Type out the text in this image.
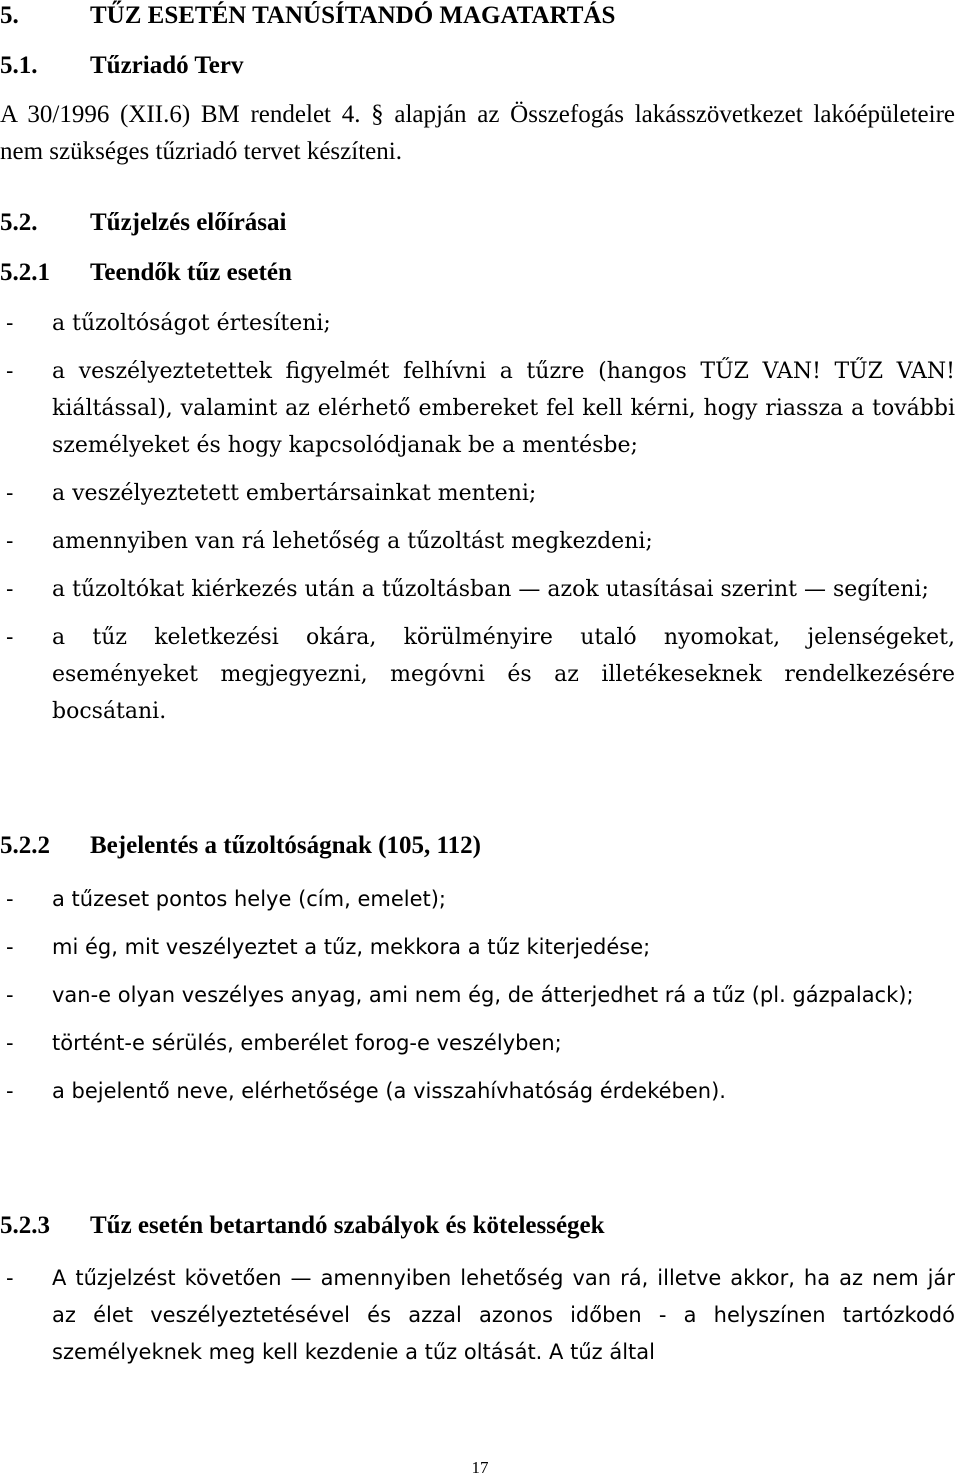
5.	TŰZ ESETÉN TANÚSÍTANDÓ MAGATARTÁS
5.1.	Tűzriadó Terv

A 30/1996 (XII.6) BM rendelet 4. § alapján az Összefogás lakásszövetkezet lakóépületeire nem szükséges tűzriadó tervet készíteni.

5.2.	Tűzjelzés előírásai
5.2.1	Teendők tűz esetén
- a tűzoltóságot értesíteni;
- a veszélyeztetettek figyelmét felhívni a tűzre (hangos TŰZ VAN! TŰZ VAN! kiáltással), valamint az elérhető embereket fel kell kérni, hogy riassza a további személyeket és hogy kapcsolódjanak be a mentésbe;
- a veszélyeztetett embertársainkat menteni;
- amennyiben van rá lehetőség a tűzoltást megkezdeni;
- a tűzoltókat kiérkezés után a tűzoltásban — azok utasításai szerint — segíteni;
- a tűz keletkezési okára, körülményire utaló nyomokat, jelenségeket, eseményeket megjegyezni, megóvni és az illetékeseknek rendelkezésére bocsátani.
5.2.2	Bejelentés a tűzoltóságnak (105, 112)
- a tűzeset pontos helye (cím, emelet);
- mi ég, mit veszélyeztet a tűz, mekkora a tűz kiterjedése;
- van-e olyan veszélyes anyag, ami nem ég, de átterjedhet rá a tűz (pl. gázpalack);
- történt-e sérülés, emberélet forog-e veszélyben;
- a bejelentő neve, elérhetősége (a visszahívhatóság érdekében).
5.2.3	Tűz esetén betartandó szabályok és kötelességek
- A tűzjelzést követően — amennyiben lehetőség van rá, illetve akkor, ha az nem jár az élet veszélyeztetésével és azzal azonos időben - a helyszínen tartózkodó személyeknek meg kell kezdenie a tűz oltását. A tűz által
17
